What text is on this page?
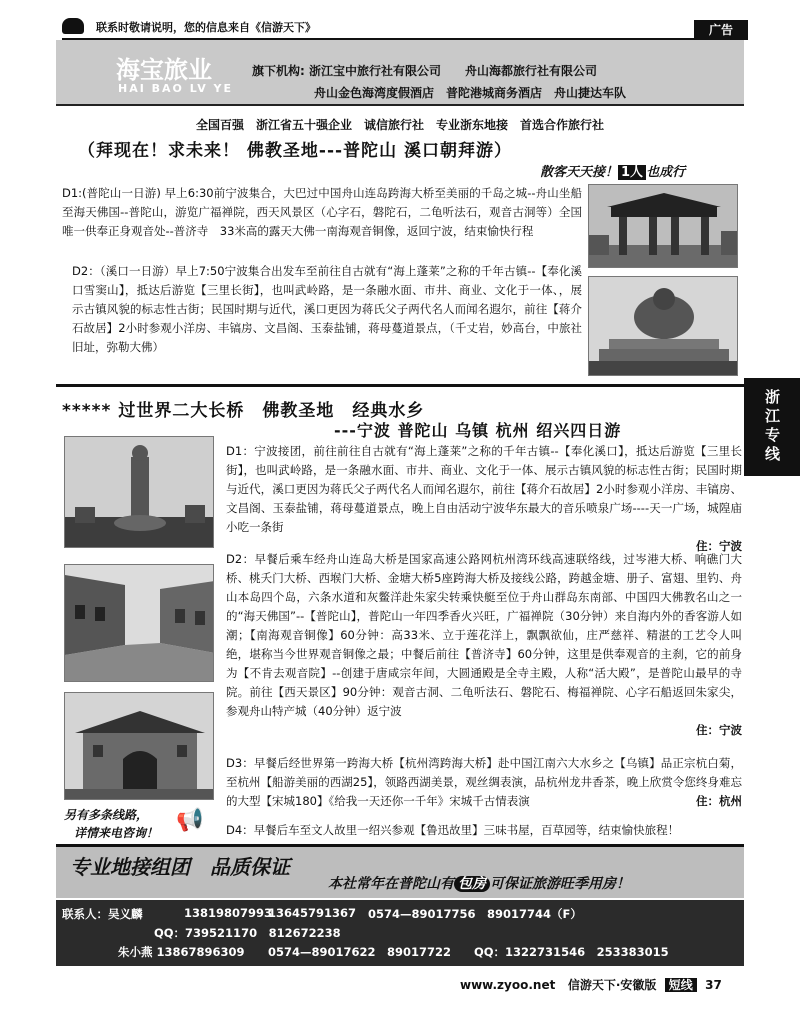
联系时敬请说明，您的信息来自《信游天下》	广告
海宝旅业
HAI BAO LV YE
旗下机构: 浙江宝中旅行社有限公司　　舟山海都旅行社有限公司
舟山金色海湾度假酒店　普陀港城商务酒店　舟山捷达车队
全国百强　浙江省五十强企业　诚信旅行社　专业浙东地接　首选合作旅行社
（拜现在！求未来！ 佛教圣地---普陀山 溪口朝拜游）
散客天天接！ 1人 也成行
D1:(普陀山一日游) 早上6:30前宁波集合，大巴过中国舟山连岛跨海大桥至美丽的千岛之城--舟山坐船至海天佛国--普陀山，游览广福禅院，西天风景区（心字石，磐陀石，二龟听法石，观音古洞等）全国唯一供奉正身观音处--普济寺　33米高的露天大佛一南海观音铜像，返回宁波，结束愉快行程
D2：（溪口一日游）早上7:50宁波集合出发车至前往自古就有“海上蓬莱”之称的千年古镇--【奉化溪口雪窦山】，抵达后游览【三里长街】，也叫武岭路，是一条融水面、市井、商业、文化于一体、，展示古镇风貌的标志性古街；民国时期与近代，溪口更因为蒋氏父子两代名人而闻名遐尔，前往【蒋介石故居】2小时参观小洋房、丰镐房、文昌阁、玉泰盐铺，蒋母蔓道景点，（千丈岩，妙高台，中旅社旧址，弥勒大佛）
浙江专线
***** 过世界二大长桥　佛教圣地　经典水乡
---宁波 普陀山 乌镇 杭州 绍兴四日游
D1：宁波接团，前往前往自古就有“海上蓬莱”之称的千年古镇--【奉化溪口】，抵达后游览【三里长街】，也叫武岭路，是一条融水面、市井、商业、文化于一体、展示古镇风貌的标志性古街；民国时期与近代，溪口更因为蒋氏父子两代名人而闻名遐尔，前往【蒋介石故居】2小时参观小洋房、丰镐房、文昌阁、玉泰盐铺，蒋母蔓道景点，晚上自由活动宁波华东最大的音乐喷泉广场----天一广场，城隍庙小吃一条街
住：宁波
D2：早餐后乘车经舟山连岛大桥是国家高速公路网杭州湾环线高速联络线，过岑港大桥、响礁门大桥、桃夭门大桥、西堠门大桥、金塘大桥5座跨海大桥及接线公路，跨越金塘、册子、富翅、里钓、舟山本岛四个岛，六条水道和灰鳖洋赴朱家尖转乘快艇至位于舟山群岛东南部、中国四大佛教名山之一的“海天佛国”--【普陀山】，普陀山一年四季香火兴旺，广福禅院（30分钟）来自海内外的香客游人如潮；【南海观音铜像】60分钟：高33米、立于莲花洋上，飘飘欲仙，庄严慈祥、精湛的工艺令人叫绝，堪称当今世界观音铜像之最；中餐后前往【普济寺】60分钟，这里是供奉观音的主刹，它的前身为【不肯去观音院】--创建于唐咸宗年间，大圆通殿是全寺主殿，人称“活大殿”，是普陀山最早的寺院。前往【西天景区】90分钟：观音古洞、二龟听法石、磐陀石、梅福禅院、心字石船返回朱家尖，参观舟山特产城（40分钟）返宁波
住：宁波
D3：早餐后经世界第一跨海大桥【杭州湾跨海大桥】赴中国江南六大水乡之【乌镇】品正宗杭白菊，至杭州【船游美丽的西湖25】，领路西湖美景，观丝绸表演，品杭州龙井香茶，晚上欣赏令您终身难忘的大型【宋城180】《给我一天还你一千年》宋城千古情表演	住：杭州
D4：早餐后车至文人故里一绍兴参观【鲁迅故里】三味书屋，百草园等，结束愉快旅程！
另有多条线路，
详情来电咨询！ 📢
专业地接组团　品质保证
本社常年在普陀山有 包房 可保证旅游旺季用房！
联系人：吴义麟	13819807993
13645791367 0574—89017756　89017744（F）
QQ：739521170　812672238
朱小燕 13867896309 0574—89017622　89017722 QQ：1322731546　253383015
www.zyoo.net 信游天下·安徽版 短线 37
